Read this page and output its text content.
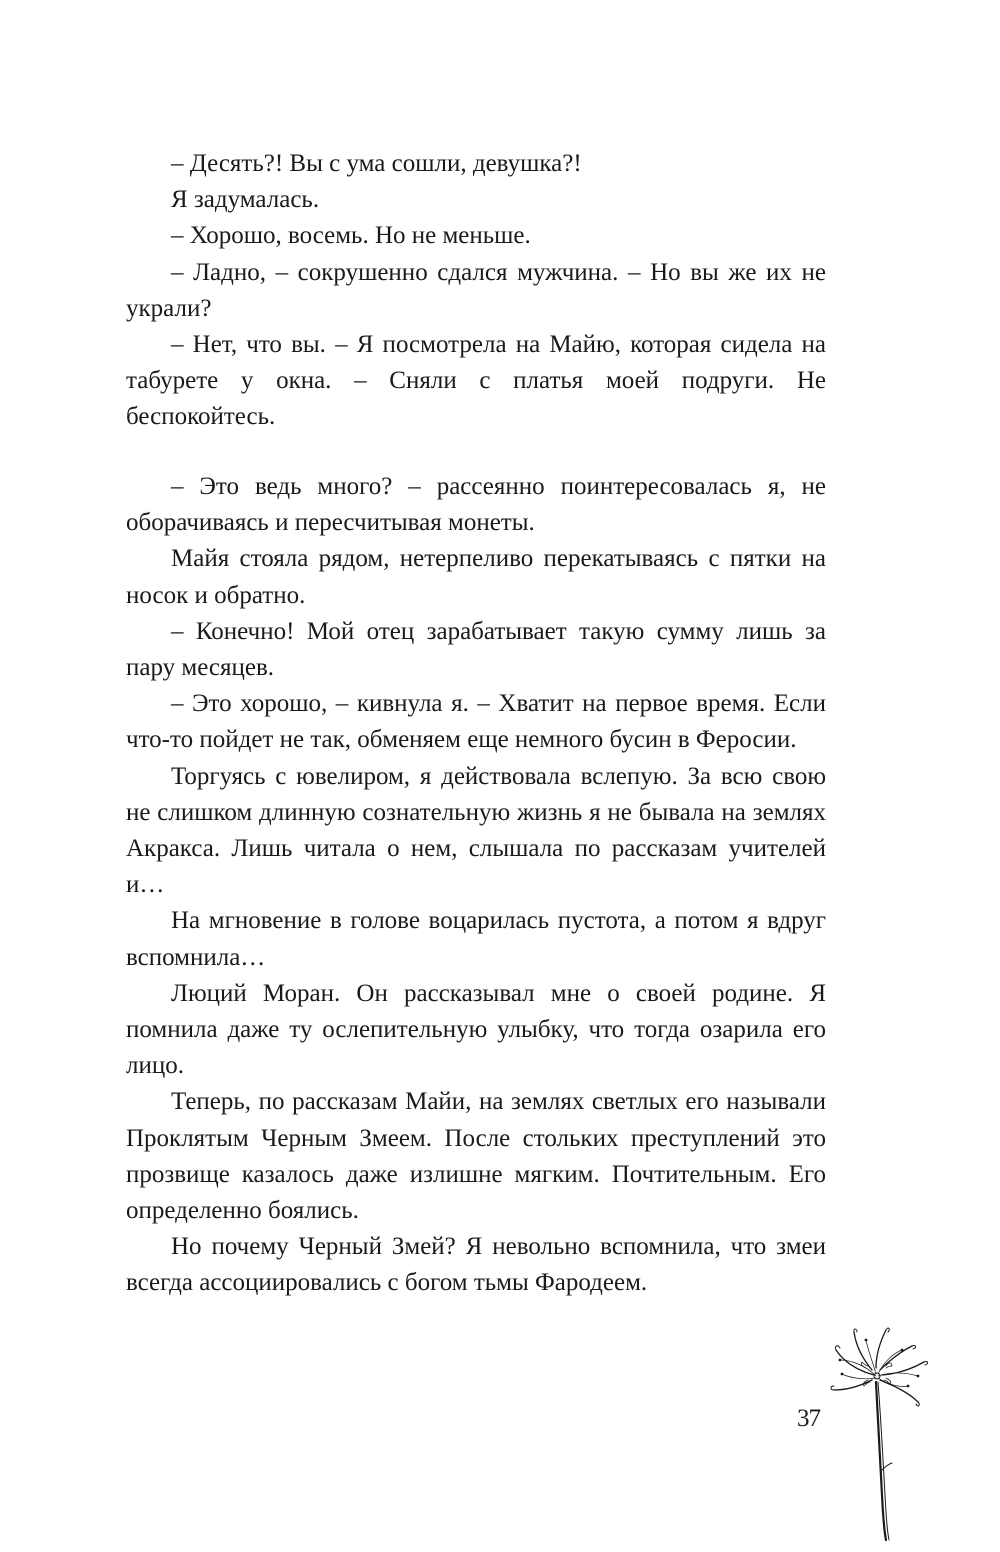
– Десять?! Вы с ума сошли, девушка?!

Я задумалась.

– Хорошо, восемь. Но не меньше.

– Ладно, – сокрушенно сдался мужчина. – Но вы же их не украли?

– Нет, что вы. – Я посмотрела на Майю, которая сидела на табурете у окна. – Сняли с платья моей подруги. Не беспокойтесь.

– Это ведь много? – рассеянно поинтересовалась я, не оборачиваясь и пересчитывая монеты.

Майя стояла рядом, нетерпеливо перекатываясь с пятки на носок и обратно.

– Конечно! Мой отец зарабатывает такую сумму лишь за пару месяцев.

– Это хорошо, – кивнула я. – Хватит на первое время. Если что-то пойдет не так, обменяем еще немного бусин в Феросии.

Торгуясь с ювелиром, я действовала вслепую. За всю свою не слишком длинную сознательную жизнь я не бывала на землях Акракса. Лишь читала о нем, слышала по рассказам учителей и…

На мгновение в голове воцарилась пустота, а потом я вдруг вспомнила…

Люций Моран. Он рассказывал мне о своей родине. Я помнила даже ту ослепительную улыбку, что тогда озарила его лицо.

Теперь, по рассказам Майи, на землях светлых его называли Проклятым Черным Змеем. После стольких преступлений это прозвище казалось даже излишне мягким. Почтительным. Его определенно боялись.

Но почему Черный Змей? Я невольно вспомнила, что змеи всегда ассоциировались с богом тьмы Фародеем.

37
